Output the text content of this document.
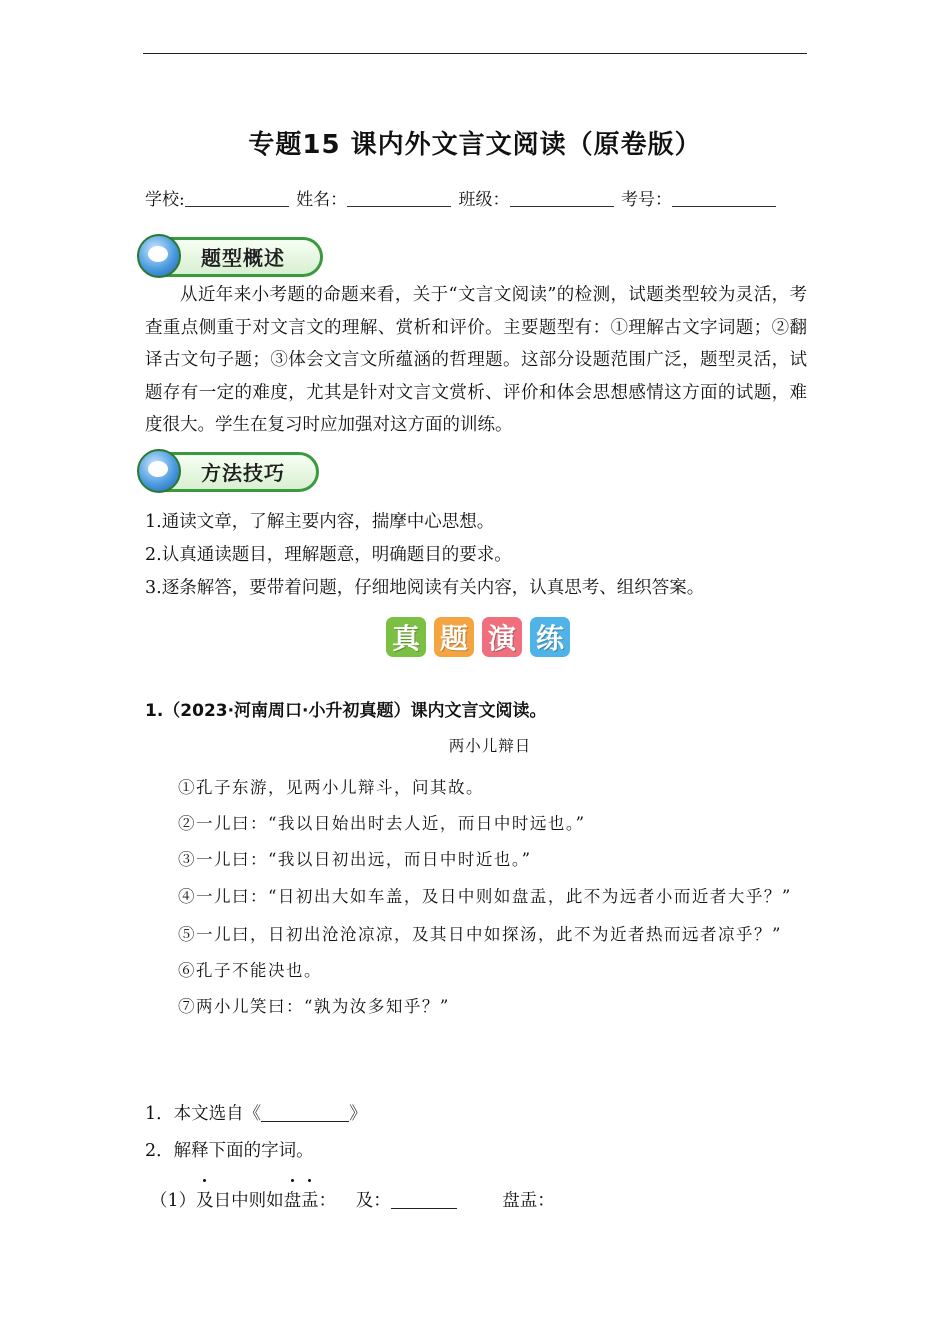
专题15 课内外文言文阅读（原卷版）
学校:	姓名：	班级：	考号：
题型概述

从近年来小考题的命题来看，关于“文言文阅读”的检测，试题类型较为灵活，考查重点侧重于对文言文的理解、赏析和评价。主要题型有：①理解古文字词题；②翻译古文句子题；③体会文言文所蕴涵的哲理题。这部分设题范围广泛，题型灵活，试题存有一定的难度，尤其是针对文言文赏析、评价和体会思想感情这方面的试题，难度很大。学生在复习时应加强对这方面的训练。

方法技巧
1.通读文章，了解主要内容，揣摩中心思想。
2.认真通读题目，理解题意，明确题目的要求。
3.逐条解答，要带着问题，仔细地阅读有关内容，认真思考、组织答案。
真 题 演 练
1.（2023·河南周口·小升初真题）课内文言文阅读。
两小儿辩日

①孔子东游，见两小儿辩斗，问其故。

②一儿曰：“我以日始出时去人近，而日中时远也。”

③一儿曰：“我以日初出远，而日中时近也。”

④一儿曰：“日初出大如车盖，及日中则如盘盂，此不为远者小而近者大乎？”

⑤一儿曰，日初出沧沧凉凉，及其日中如探汤，此不为近者热而远者凉乎？”

⑥孔子不能决也。

⑦两小儿笑曰：“孰为汝多知乎？”

1．本文选自《	》
2．解释下面的字词。
（1）及日中则如盘盂： 及：	盘盂：
